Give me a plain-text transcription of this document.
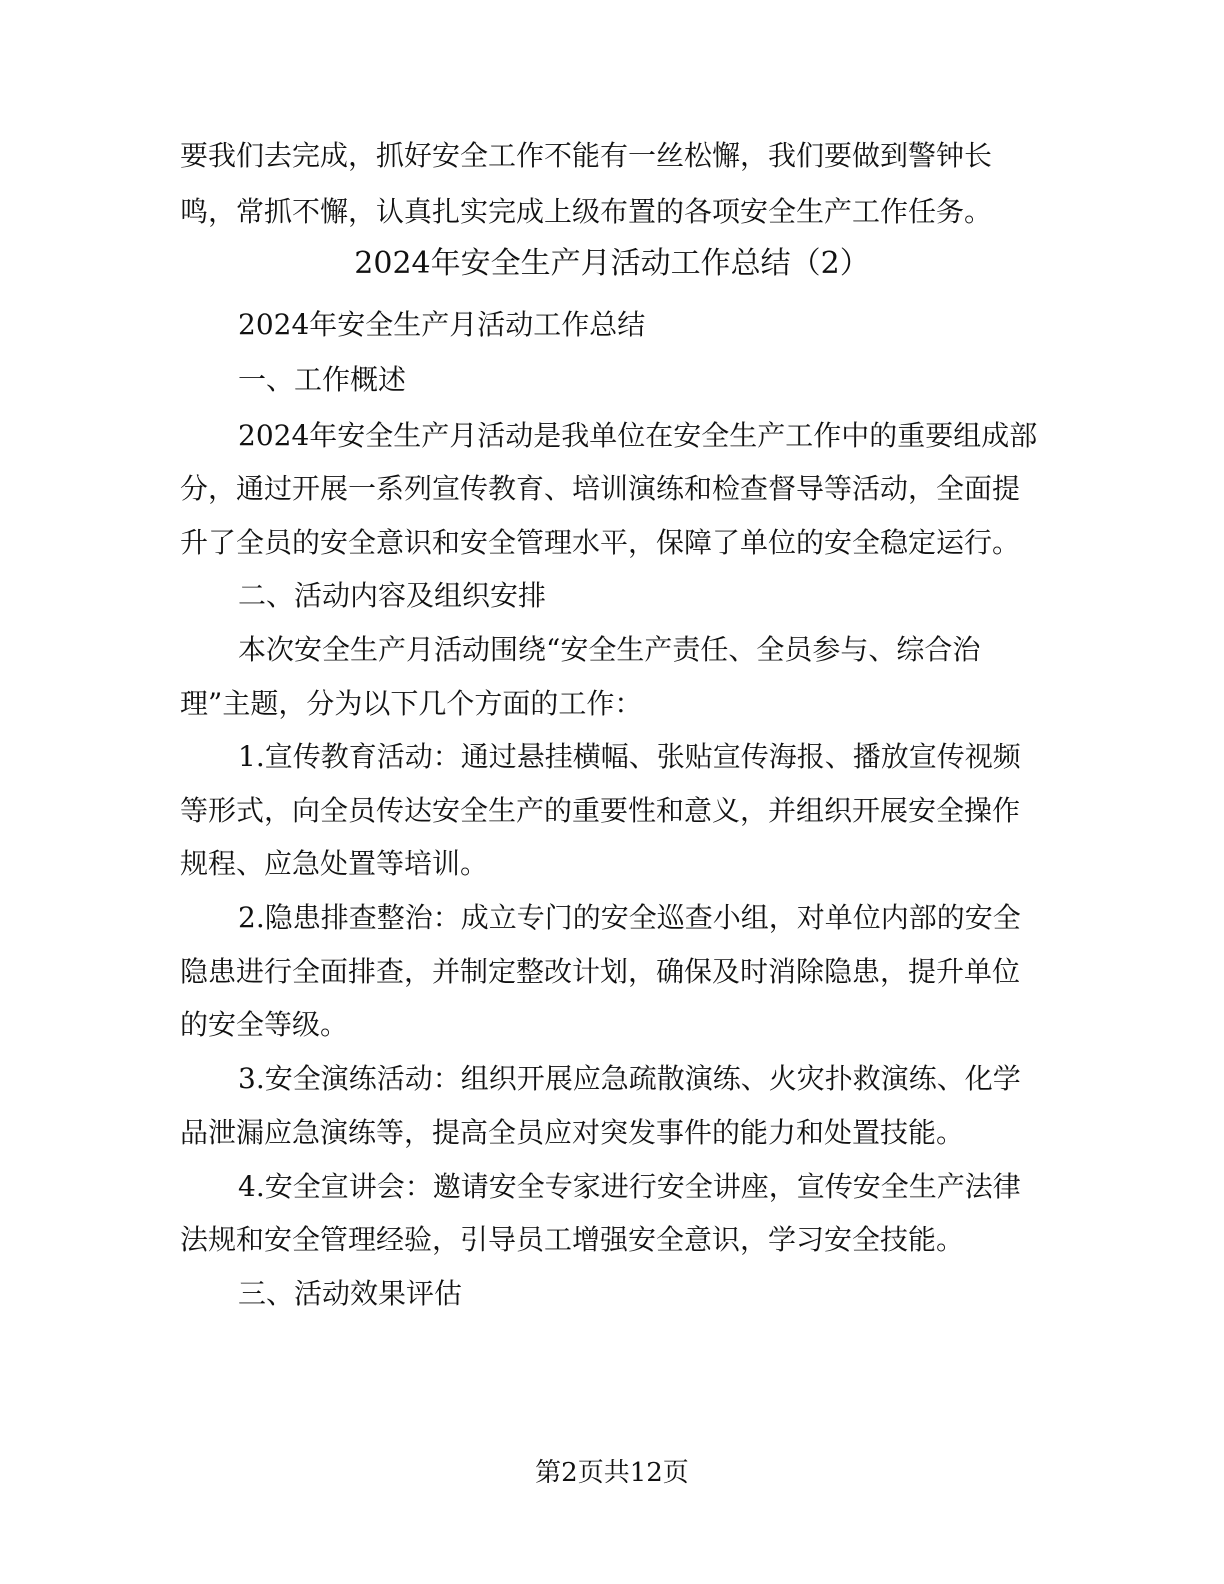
要我们去完成，抓好安全工作不能有一丝松懈，我们要做到警钟长
鸣，常抓不懈，认真扎实完成上级布置的各项安全生产工作任务。
2024年安全生产月活动工作总结（2）
2024年安全生产月活动工作总结
一、工作概述
2024年安全生产月活动是我单位在安全生产工作中的重要组成部
分，通过开展一系列宣传教育、培训演练和检查督导等活动，全面提
升了全员的安全意识和安全管理水平，保障了单位的安全稳定运行。
二、活动内容及组织安排
本次安全生产月活动围绕“安全生产责任、全员参与、综合治
理”主题，分为以下几个方面的工作：
1.宣传教育活动：通过悬挂横幅、张贴宣传海报、播放宣传视频
等形式，向全员传达安全生产的重要性和意义，并组织开展安全操作
规程、应急处置等培训。
2.隐患排查整治：成立专门的安全巡查小组，对单位内部的安全
隐患进行全面排查，并制定整改计划，确保及时消除隐患，提升单位
的安全等级。
3.安全演练活动：组织开展应急疏散演练、火灾扑救演练、化学
品泄漏应急演练等，提高全员应对突发事件的能力和处置技能。
4.安全宣讲会：邀请安全专家进行安全讲座，宣传安全生产法律
法规和安全管理经验，引导员工增强安全意识，学习安全技能。
三、活动效果评估
第2页共12页
